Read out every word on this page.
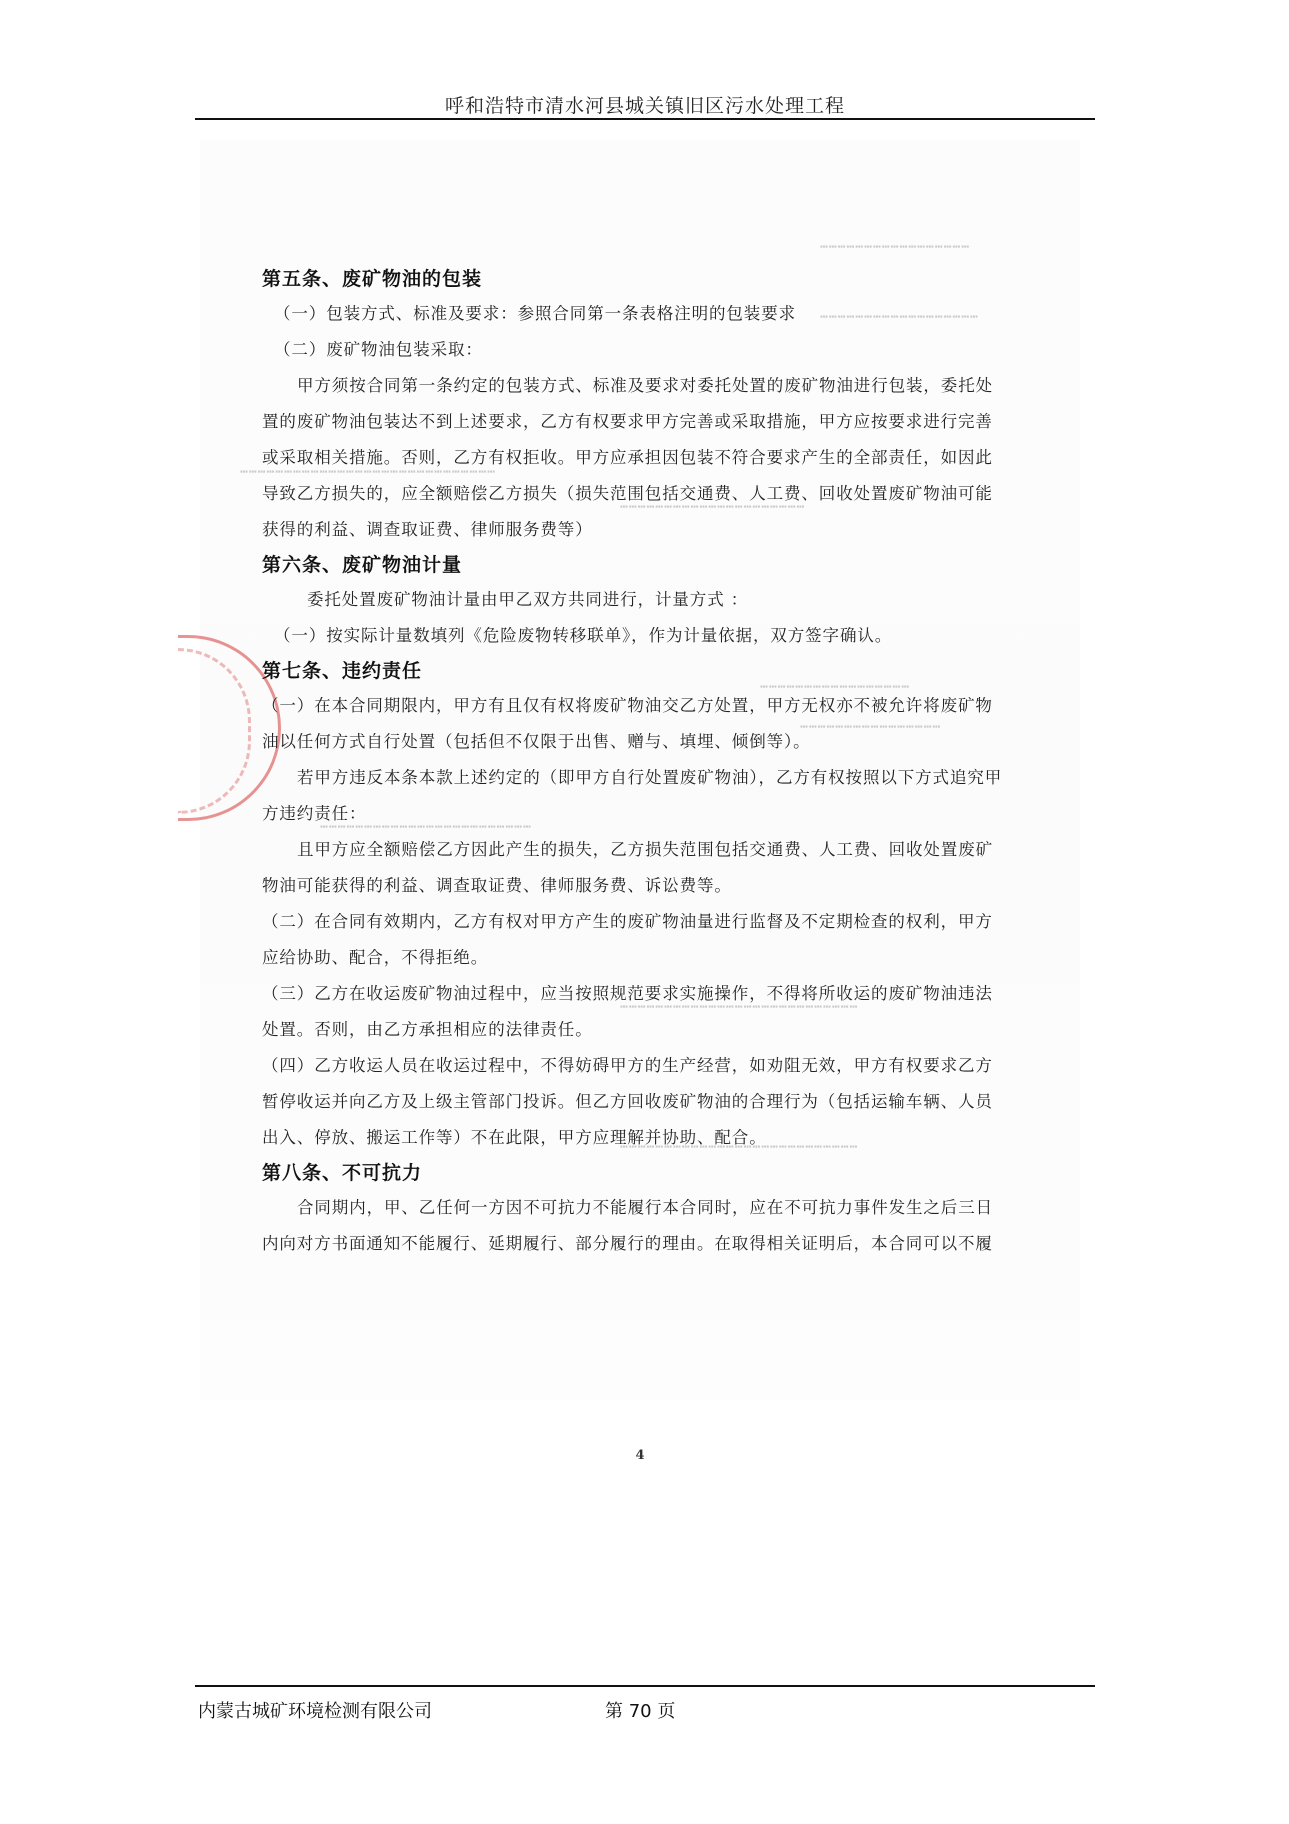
呼和浩特市清水河县城关镇旧区污水处理工程
┅┅┅┅┅┅┅┅┅┅┅┅┅┅┅┅┅
┅┅┅┅┅┅┅┅┅┅┅┅┅┅┅┅┅┅
┅┅┅┅┅┅┅┅┅┅┅┅┅┅┅┅┅┅┅┅┅┅┅┅┅┅┅┅┅
┅┅┅┅┅┅┅┅┅┅┅┅┅┅┅┅┅┅┅┅┅
┅┅┅┅┅┅┅┅┅┅┅┅┅┅┅┅┅
┅┅┅┅┅┅┅┅┅┅┅┅┅┅┅┅
┅┅┅┅┅┅┅┅┅┅┅┅┅┅┅┅┅┅┅┅┅┅┅┅
┅┅┅┅┅┅┅┅┅┅┅┅┅┅┅┅┅┅┅┅┅┅┅┅┅┅┅
┅┅┅┅┅┅┅┅┅┅┅┅┅┅┅┅┅┅┅┅┅┅┅┅┅┅┅
4

第五条、废矿物油的包装

（一）包装方式、标准及要求：参照合同第一条表格注明的包装要求

（二）废矿物油包装采取：

甲方须按合同第一条约定的包装方式、标准及要求对委托处置的废矿物油进行包装，委托处

置的废矿物油包装达不到上述要求，乙方有权要求甲方完善或采取措施，甲方应按要求进行完善

或采取相关措施。否则，乙方有权拒收。甲方应承担因包装不符合要求产生的全部责任，如因此

导致乙方损失的，应全额赔偿乙方损失（损失范围包括交通费、人工费、回收处置废矿物油可能

获得的利益、调查取证费、律师服务费等）

第六条、废矿物油计量

委托处置废矿物油计量由甲乙双方共同进行，计量方式 ：

（一）按实际计量数填列《危险废物转移联单》，作为计量依据，双方签字确认。

第七条、违约责任

（一）在本合同期限内，甲方有且仅有权将废矿物油交乙方处置，甲方无权亦不被允许将废矿物

油以任何方式自行处置（包括但不仅限于出售、赠与、填埋、倾倒等）。

若甲方违反本条本款上述约定的（即甲方自行处置废矿物油），乙方有权按照以下方式追究甲

方违约责任：

且甲方应全额赔偿乙方因此产生的损失，乙方损失范围包括交通费、人工费、回收处置废矿

物油可能获得的利益、调查取证费、律师服务费、诉讼费等。

（二）在合同有效期内，乙方有权对甲方产生的废矿物油量进行监督及不定期检查的权利，甲方

应给协助、配合，不得拒绝。

（三）乙方在收运废矿物油过程中，应当按照规范要求实施操作，不得将所收运的废矿物油违法

处置。否则，由乙方承担相应的法律责任。

（四）乙方收运人员在收运过程中，不得妨碍甲方的生产经营，如劝阻无效，甲方有权要求乙方

暂停收运并向乙方及上级主管部门投诉。但乙方回收废矿物油的合理行为（包括运输车辆、人员

出入、停放、搬运工作等）不在此限，甲方应理解并协助、配合。

第八条、不可抗力

合同期内，甲、乙任何一方因不可抗力不能履行本合同时，应在不可抗力事件发生之后三日

内向对方书面通知不能履行、延期履行、部分履行的理由。在取得相关证明后，本合同可以不履

内蒙古城矿环境检测有限公司	第 70 页
